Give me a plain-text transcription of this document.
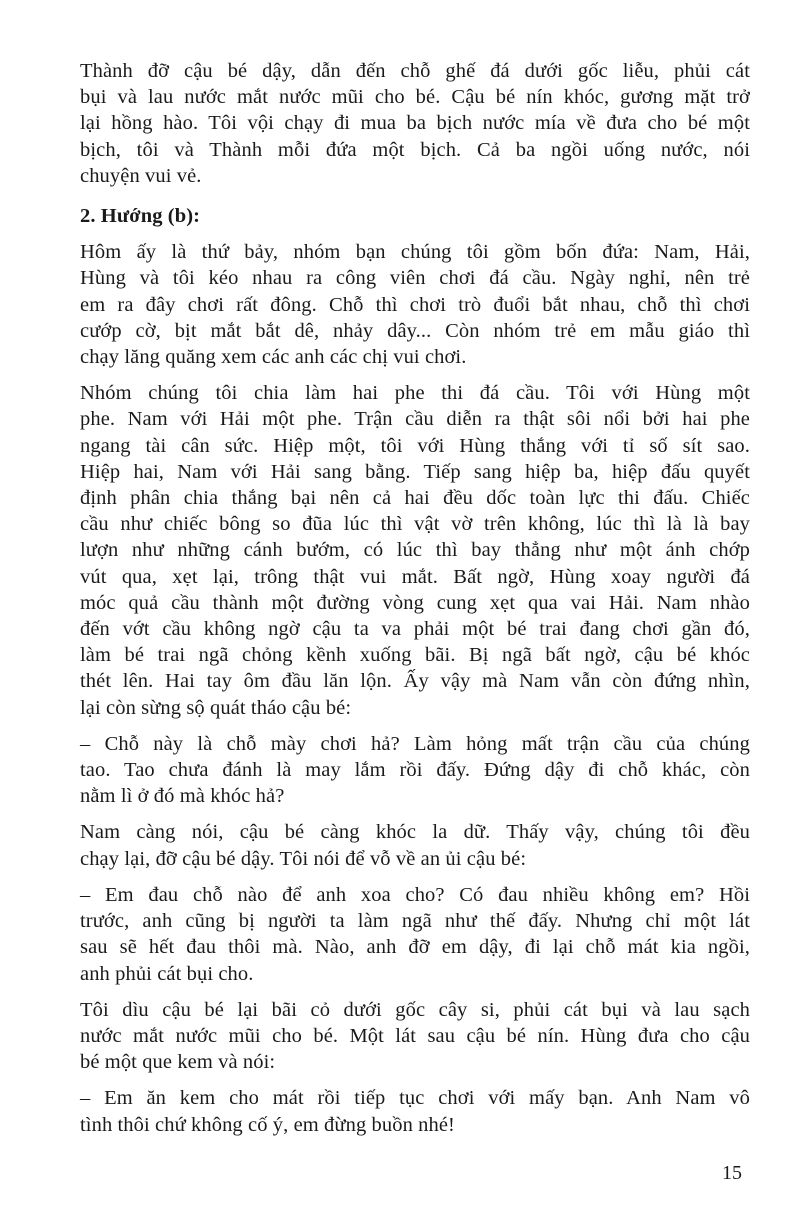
Thành đỡ cậu bé dậy, dẫn đến chỗ ghế đá dưới gốc liễu, phủi cát
bụi và lau nước mắt nước mũi cho bé. Cậu bé nín khóc, gương mặt trở
lại hồng hào. Tôi vội chạy đi mua ba bịch nước mía về đưa cho bé một
bịch, tôi và Thành mỗi đứa một bịch. Cả ba ngồi uống nước, nói
chuyện vui vẻ.
2. Hướng (b):
Hôm ấy là thứ bảy, nhóm bạn chúng tôi gồm bốn đứa: Nam, Hải,
Hùng và tôi kéo nhau ra công viên chơi đá cầu. Ngày nghỉ, nên trẻ
em ra đây chơi rất đông. Chỗ thì chơi trò đuổi bắt nhau, chỗ thì chơi
cướp cờ, bịt mắt bắt dê, nhảy dây... Còn nhóm trẻ em mẫu giáo thì
chạy lăng quăng xem các anh các chị vui chơi.
Nhóm chúng tôi chia làm hai phe thi đá cầu. Tôi với Hùng một
phe. Nam với Hải một phe. Trận cầu diễn ra thật sôi nổi bởi hai phe
ngang tài cân sức. Hiệp một, tôi với Hùng thắng với tỉ số sít sao.
Hiệp hai, Nam với Hải sang bằng. Tiếp sang hiệp ba, hiệp đấu quyết
định phân chia thắng bại nên cả hai đều dốc toàn lực thi đấu. Chiếc
cầu như chiếc bông so đũa lúc thì vật vờ trên không, lúc thì là là bay
lượn như những cánh bướm, có lúc thì bay thẳng như một ánh chớp
vút qua, xẹt lại, trông thật vui mắt. Bất ngờ, Hùng xoay người đá
móc quả cầu thành một đường vòng cung xẹt qua vai Hải. Nam nhào
đến vớt cầu không ngờ cậu ta va phải một bé trai đang chơi gần đó,
làm bé trai ngã chỏng kềnh xuống bãi. Bị ngã bất ngờ, cậu bé khóc
thét lên. Hai tay ôm đầu lăn lộn. Ấy vậy mà Nam vẫn còn đứng nhìn,
lại còn sừng sộ quát tháo cậu bé:
– Chỗ này là chỗ mày chơi hả? Làm hỏng mất trận cầu của chúng
tao. Tao chưa đánh là may lắm rồi đấy. Đứng dậy đi chỗ khác, còn
nằm lì ở đó mà khóc hả?
Nam càng nói, cậu bé càng khóc la dữ. Thấy vậy, chúng tôi đều
chạy lại, đỡ cậu bé dậy. Tôi nói để vỗ về an ủi cậu bé:
– Em đau chỗ nào để anh xoa cho? Có đau nhiều không em? Hồi
trước, anh cũng bị người ta làm ngã như thế đấy. Nhưng chỉ một lát
sau sẽ hết đau thôi mà. Nào, anh đỡ em dậy, đi lại chỗ mát kia ngồi,
anh phủi cát bụi cho.
Tôi dìu cậu bé lại bãi cỏ dưới gốc cây si, phủi cát bụi và lau sạch
nước mắt nước mũi cho bé. Một lát sau cậu bé nín. Hùng đưa cho cậu
bé một que kem và nói:
– Em ăn kem cho mát rồi tiếp tục chơi với mấy bạn. Anh Nam vô
tình thôi chứ không cố ý, em đừng buồn nhé!
15
